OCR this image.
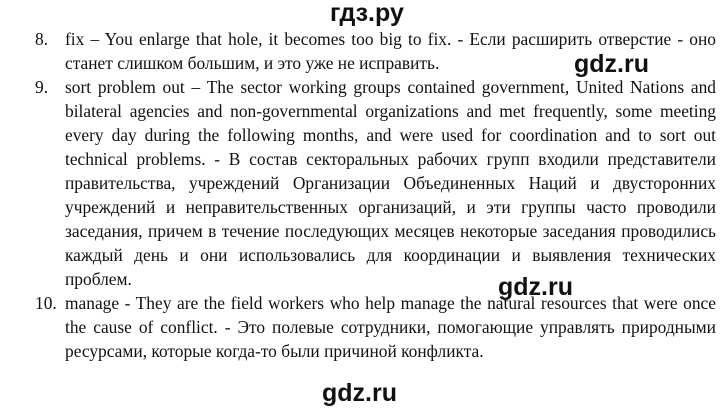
гдз.ру
8. fix – You enlarge that hole, it becomes too big to fix. - Если расширить отверстие - оно станет слишком большим, и это уже не исправить.
9. sort problem out – The sector working groups contained government, United Nations and bilateral agencies and non-governmental organizations and met frequently, some meeting every day during the following months, and were used for coordination and to sort out technical problems. - В состав секторальных рабочих групп входили представители правительства, учреждений Организации Объединенных Наций и двусторонних учреждений и неправительственных организаций, и эти группы часто проводили заседания, причем в течение последующих месяцев некоторые заседания проводились каждый день и они использовались для координации и выявления технических проблем.
10. manage - They are the field workers who help manage the natural resources that were once the cause of conflict. - Это полевые сотрудники, помогающие управлять природными ресурсами, которые когда-то были причиной конфликта.
gdz.ru
gdz.ru
gdz.ru
